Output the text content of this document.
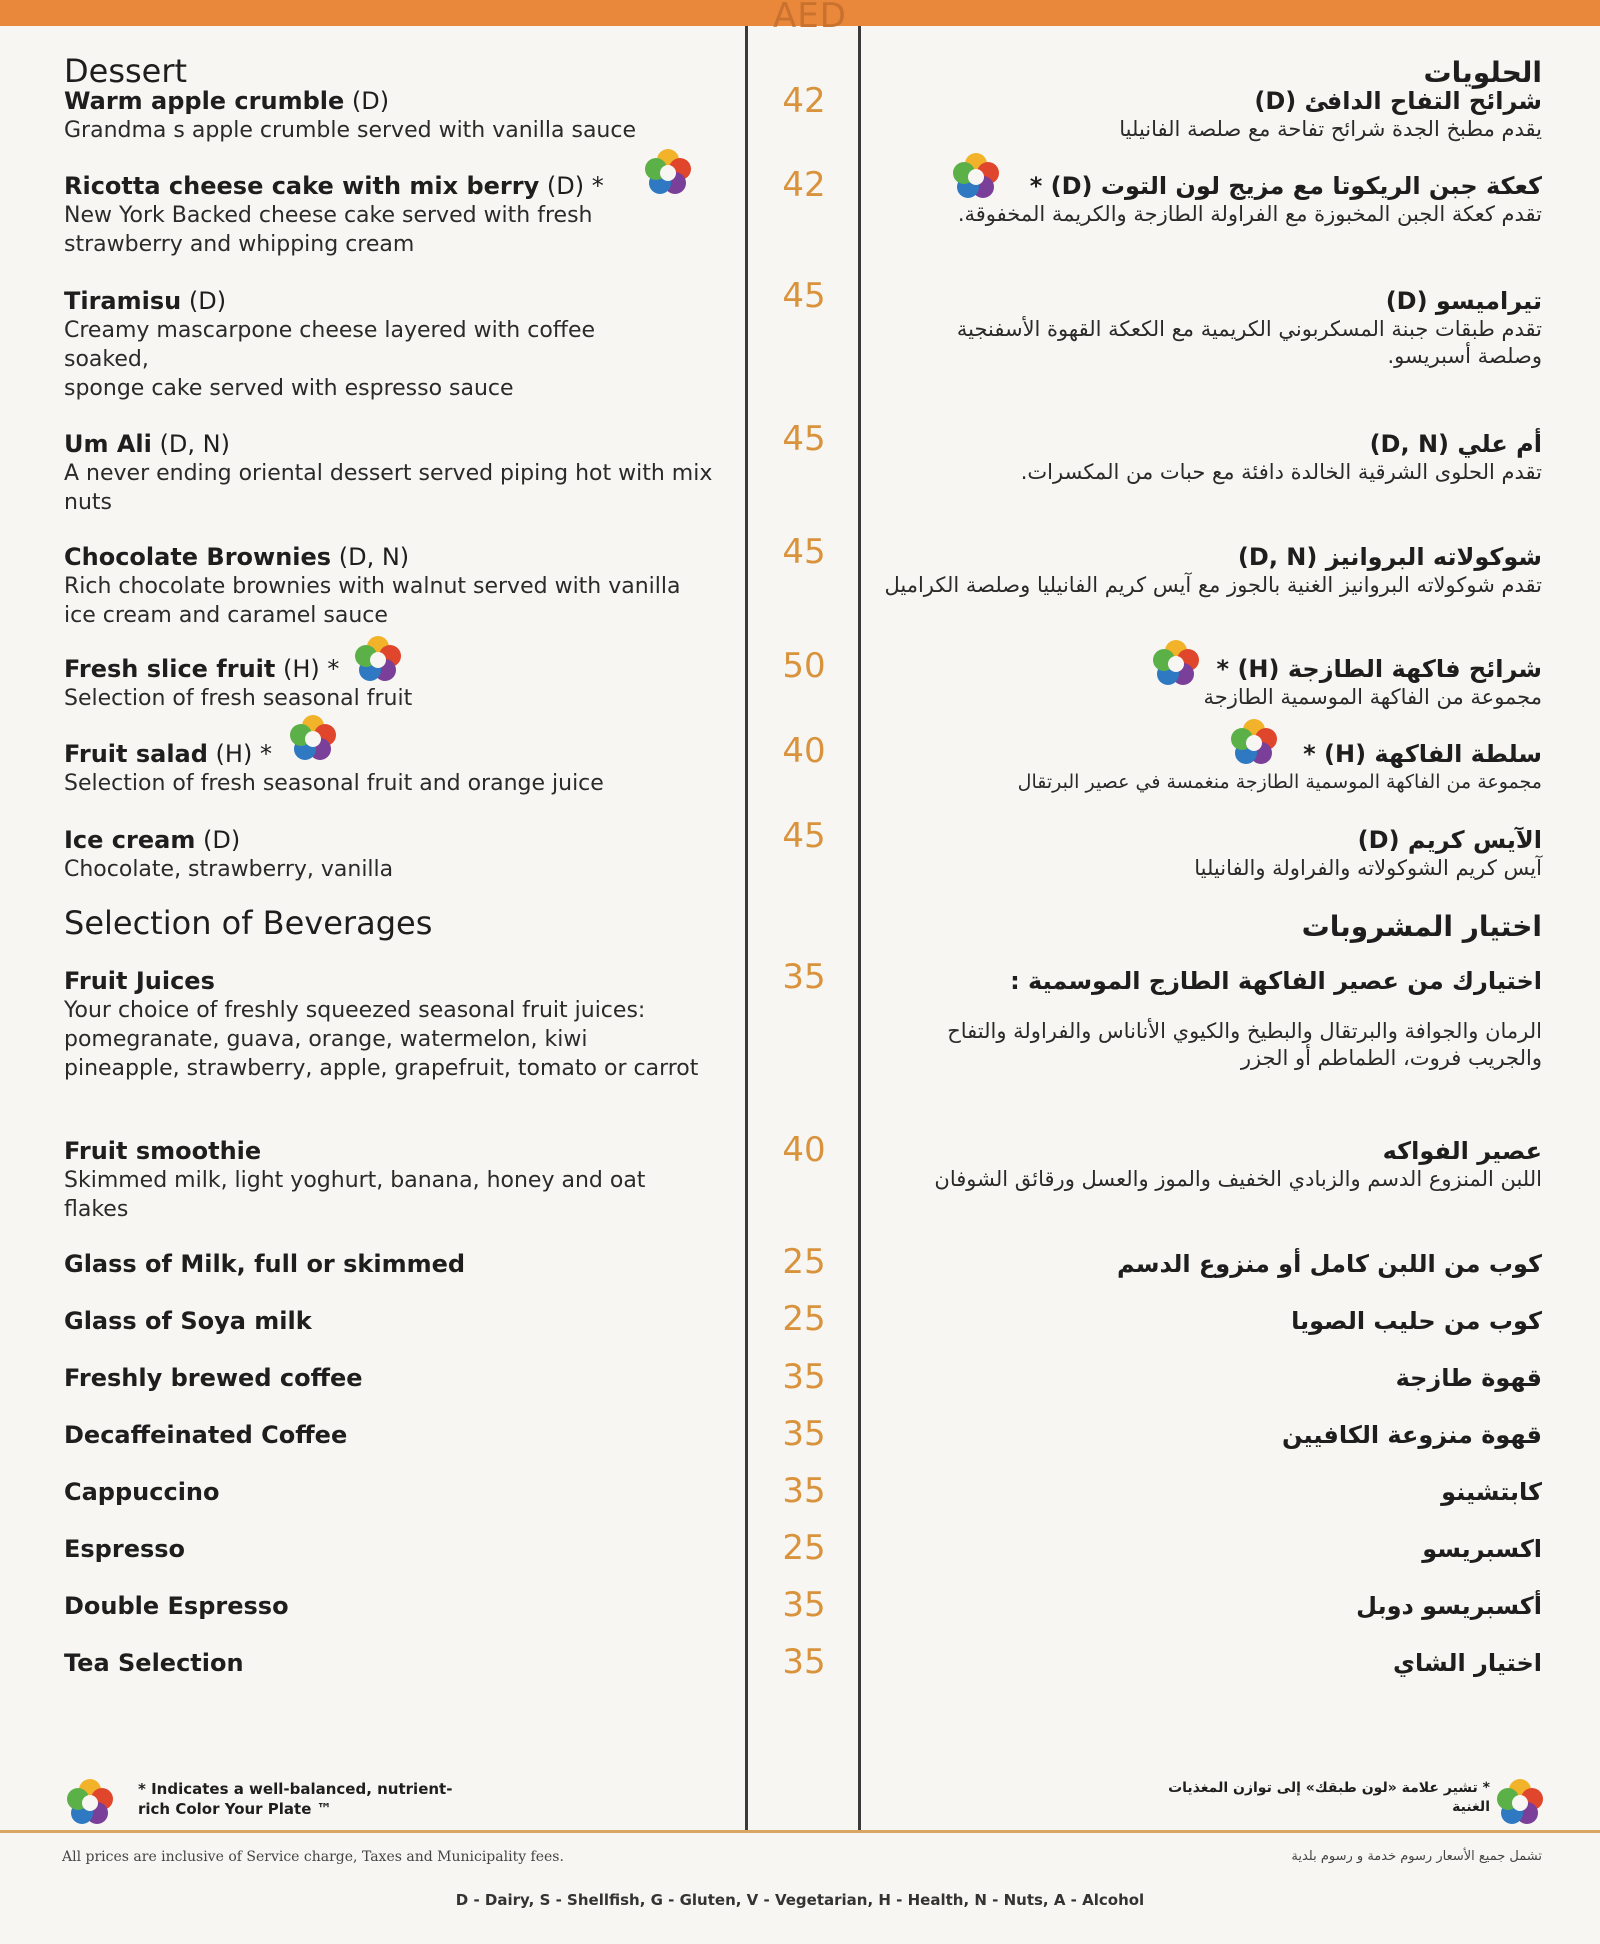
AED
Dessert
Selection of Beverages
الحلويات
اختيار المشروبات
Warm apple crumble (D)
Grandma s apple crumble served with vanilla sauce
Ricotta cheese cake with mix berry (D) *
New York Backed cheese cake served with fresh strawberry and whipping cream
Tiramisu (D)
Creamy mascarpone cheese layered with coffee soaked,
sponge cake served with espresso sauce
Um Ali (D, N)
A never ending oriental dessert served piping hot with mix nuts
Chocolate Brownies (D, N)
Rich chocolate brownies with walnut served with vanilla ice cream and caramel sauce
Fresh slice fruit (H) *
Selection of fresh seasonal fruit
Fruit salad (H) *
Selection of fresh seasonal fruit and orange juice
Ice cream (D)
Chocolate, strawberry, vanilla
Fruit Juices
Your choice of freshly squeezed seasonal fruit juices: pomegranate, guava, orange, watermelon, kiwi pineapple, strawberry, apple, grapefruit, tomato or carrot
Fruit smoothie
Skimmed milk, light yoghurt, banana, honey and oat flakes
Glass of Milk, full or skimmed
Glass of Soya milk
Freshly brewed coffee
Decaffeinated Coffee
Cappuccino
Espresso
Double Espresso
Tea Selection
42
42
45
45
45
50
40
45
35
40
25
25
35
35
35
25
35
35
شرائح التفاح الدافئ (D)
يقدم مطبخ الجدة شرائح تفاحة مع صلصة الفانيليا
كعكة جبن الريكوتا مع مزيج لون التوت (D) *
تقدم كعكة الجبن المخبوزة مع الفراولة الطازجة والكريمة المخفوقة.
تيراميسو (D)
تقدم طبقات جبنة المسكربوني الكريمية مع الكعكة القهوة الأسفنجية وصلصة أسبريسو.
أم علي (D, N)
تقدم الحلوى الشرقية الخالدة دافئة مع حبات من المكسرات.
شوكولاته البروانيز (D, N)
تقدم شوكولاته البروانيز الغنية بالجوز مع آيس كريم الفانيليا وصلصة الكراميل
شرائح فاكهة الطازجة (H) *
مجموعة من الفاكهة الموسمية الطازجة
سلطة الفاكهة (H) *
مجموعة من الفاكهة الموسمية الطازجة منغمسة في عصير البرتقال
الآيس كريم (D)
آيس كريم الشوكولاته والفراولة والفانيليا
اختيارك من عصير الفاكهة الطازج الموسمية :
الرمان والجوافة والبرتقال والبطيخ والكيوي الأناناس والفراولة والتفاح والجريب فروت، الطماطم أو الجزر
عصير الفواكه
اللبن المنزوع الدسم والزبادي الخفيف والموز والعسل ورقائق الشوفان
كوب من اللبن كامل أو منزوع الدسم
كوب من حليب الصويا
قهوة طازجة
قهوة منزوعة الكافيين
كابتشينو
اكسبريسو
أكسبريسو دوبل
اختيار الشاي
* Indicates a well-balanced, nutrient-rich Color Your Plate ™
* تشير علامة «لون طبقك» إلى توازن المغذيات الغنية
All prices are inclusive of Service charge, Taxes and Municipality fees.	تشمل جميع الأسعار رسوم خدمة و رسوم بلدية
D - Dairy, S - Shellfish, G - Gluten, V - Vegetarian, H - Health, N - Nuts, A - Alcohol
